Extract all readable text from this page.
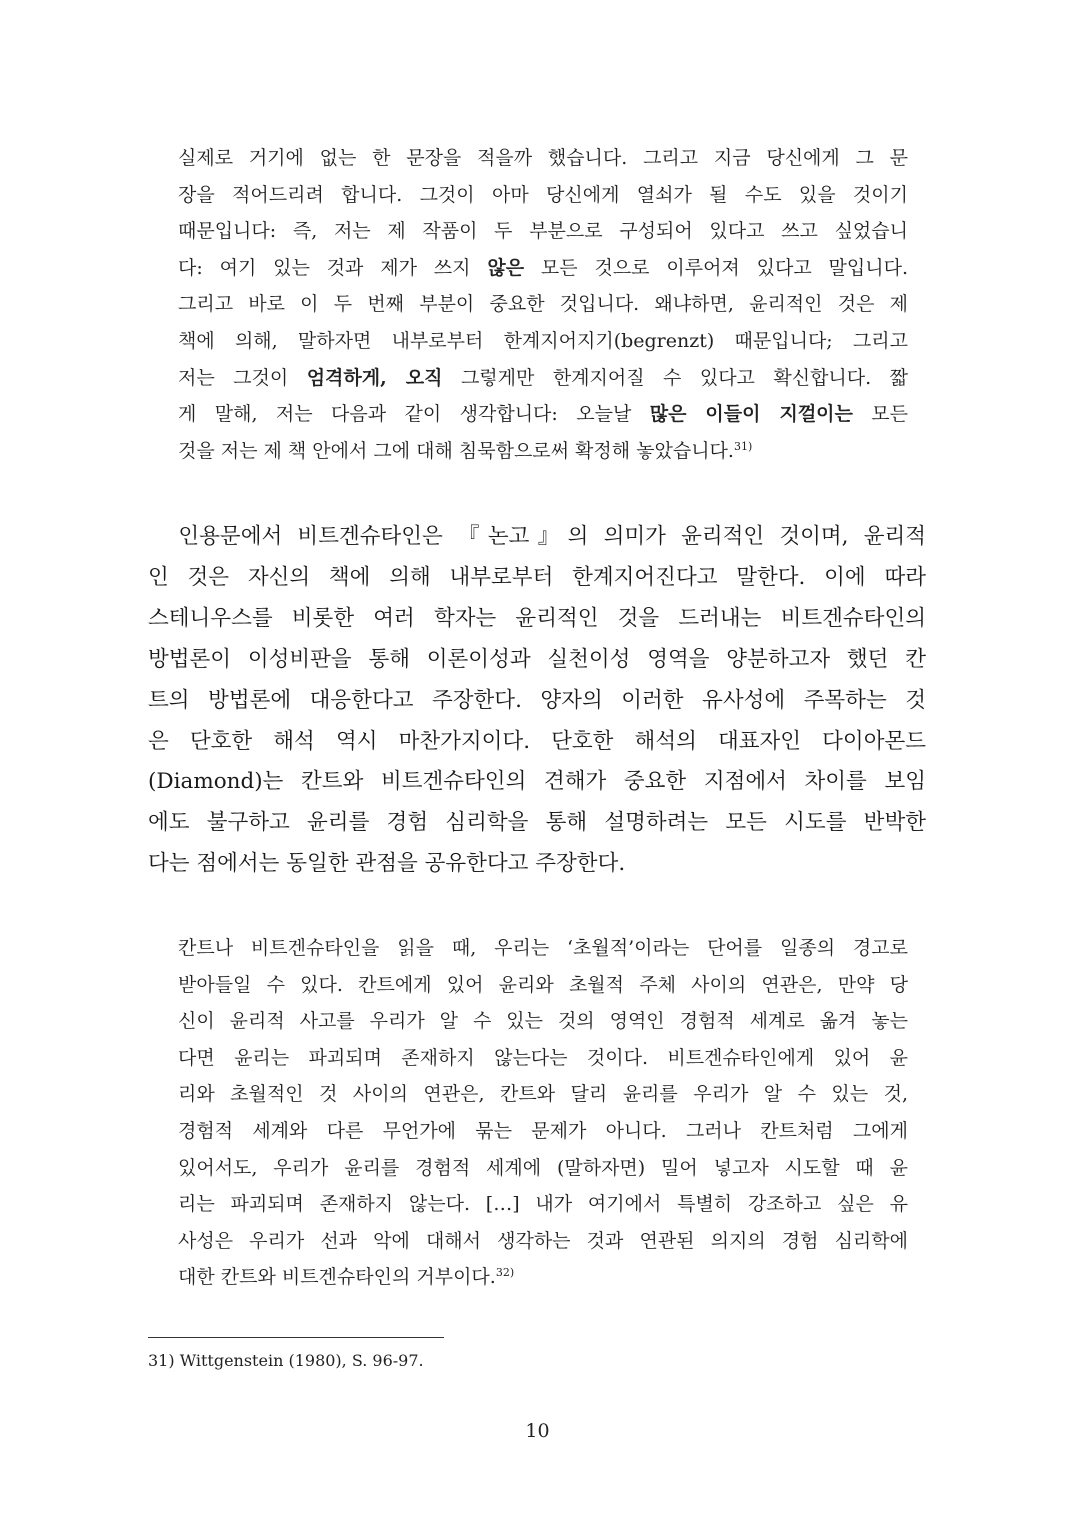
실제로 거기에 없는 한 문장을 적을까 했습니다. 그리고 지금 당신에게 그 문
장을 적어드리려 합니다. 그것이 아마 당신에게 열쇠가 될 수도 있을 것이기
때문입니다: 즉, 저는 제 작품이 두 부분으로 구성되어 있다고 쓰고 싶었습니
다: 여기 있는 것과 제가 쓰지 않은 모든 것으로 이루어져 있다고 말입니다.
그리고 바로 이 두 번째 부분이 중요한 것입니다. 왜냐하면, 윤리적인 것은 제
책에 의해, 말하자면 내부로부터 한계지어지기(begrenzt) 때문입니다; 그리고
저는 그것이 엄격하게, 오직 그렇게만 한계지어질 수 있다고 확신합니다. 짧
게 말해, 저는 다음과 같이 생각합니다: 오늘날 많은 이들이 지껄이는 모든
것을 저는 제 책 안에서 그에 대해 침묵함으로써 확정해 놓았습니다.$^{31)}$
인용문에서 비트겐슈타인은 『논고』의 의미가 윤리적인 것이며, 윤리적
인 것은 자신의 책에 의해 내부로부터 한계지어진다고 말한다. 이에 따라
스테니우스를 비롯한 여러 학자는 윤리적인 것을 드러내는 비트겐슈타인의
방법론이 이성비판을 통해 이론이성과 실천이성 영역을 양분하고자 했던 칸
트의 방법론에 대응한다고 주장한다. 양자의 이러한 유사성에 주목하는 것
은 단호한 해석 역시 마찬가지이다. 단호한 해석의 대표자인 다이아몬드
(Diamond)는 칸트와 비트겐슈타인의 견해가 중요한 지점에서 차이를 보임
에도 불구하고 윤리를 경험 심리학을 통해 설명하려는 모든 시도를 반박한
다는 점에서는 동일한 관점을 공유한다고 주장한다.
칸트나 비트겐슈타인을 읽을 때, 우리는 ‘초월적’이라는 단어를 일종의 경고로
받아들일 수 있다. 칸트에게 있어 윤리와 초월적 주체 사이의 연관은, 만약 당
신이 윤리적 사고를 우리가 알 수 있는 것의 영역인 경험적 세계로 옮겨 놓는
다면 윤리는 파괴되며 존재하지 않는다는 것이다. 비트겐슈타인에게 있어 윤
리와 초월적인 것 사이의 연관은, 칸트와 달리 윤리를 우리가 알 수 있는 것,
경험적 세계와 다른 무언가에 묶는 문제가 아니다. 그러나 칸트처럼 그에게
있어서도, 우리가 윤리를 경험적 세계에 (말하자면) 밀어 넣고자 시도할 때 윤
리는 파괴되며 존재하지 않는다. […] 내가 여기에서 특별히 강조하고 싶은 유
사성은 우리가 선과 악에 대해서 생각하는 것과 연관된 의지의 경험 심리학에
대한 칸트와 비트겐슈타인의 거부이다.$^{32)}$
31) Wittgenstein (1980), S. 96-97.
10
